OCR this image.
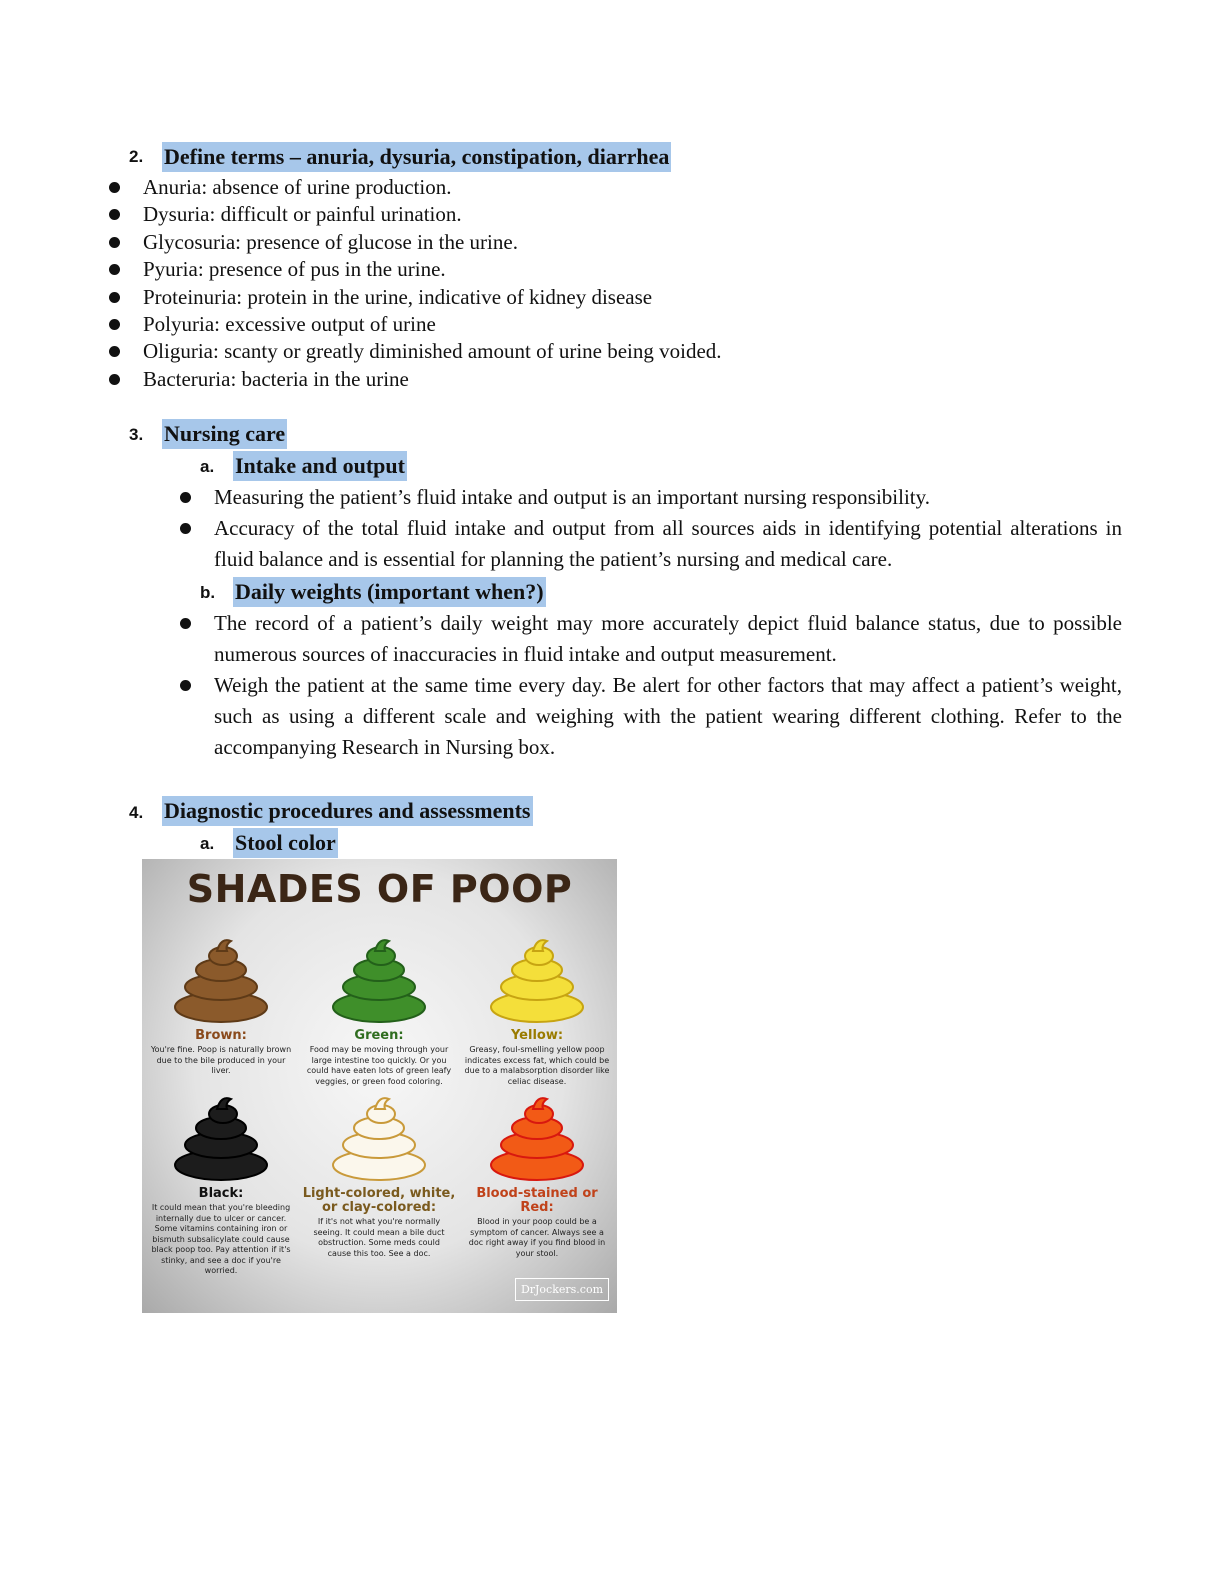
2. Define terms – anuria, dysuria, constipation, diarrhea
Anuria: absence of urine production.
Dysuria: difficult or painful urination.
Glycosuria: presence of glucose in the urine.
Pyuria: presence of pus in the urine.
Proteinuria: protein in the urine, indicative of kidney disease
Polyuria: excessive output of urine
Oliguria: scanty or greatly diminished amount of urine being voided.
Bacteruria: bacteria in the urine
3. Nursing care
a. Intake and output
Measuring the patient’s fluid intake and output is an important nursing responsibility.
Accuracy of the total fluid intake and output from all sources aids in identifying potential alterations in fluid balance and is essential for planning the patient’s nursing and medical care.
b. Daily weights (important when?)
The record of a patient’s daily weight may more accurately depict fluid balance status, due to possible numerous sources of inaccuracies in fluid intake and output measurement.
Weigh the patient at the same time every day. Be alert for other factors that may affect a patient’s weight, such as using a different scale and weighing with the patient wearing different clothing. Refer to the accompanying Research in Nursing box.
4. Diagnostic procedures and assessments
a. Stool color
SHADES OF POOP
Brown:
You're fine. Poop is naturally brown due to the bile produced in your liver.
Green:
Food may be moving through your large intestine too quickly. Or you could have eaten lots of green leafy veggies, or green food coloring.
Yellow:
Greasy, foul-smelling yellow poop indicates excess fat, which could be due to a malabsorption disorder like celiac disease.
Black:
It could mean that you're bleeding internally due to ulcer or cancer. Some vitamins containing iron or bismuth subsalicylate could cause black poop too. Pay attention if it's stinky, and see a doc if you're worried.
Light-colored, white, or clay-colored:
If it's not what you're normally seeing. It could mean a bile duct obstruction. Some meds could cause this too. See a doc.
Blood-stained or Red:
Blood in your poop could be a symptom of cancer. Always see a doc right away if you find blood in your stool.
DrJockers.com
